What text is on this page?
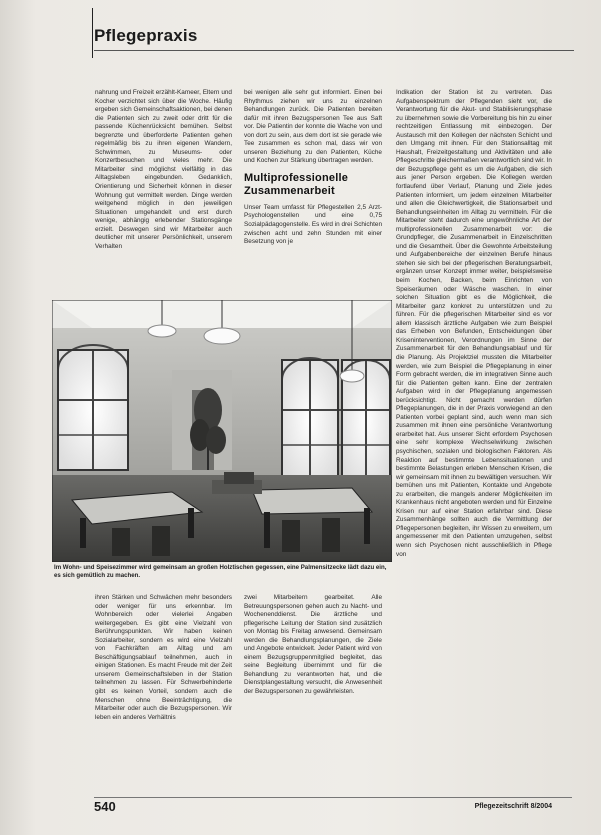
Pflegepraxis

nahrung und Freizeit erzählt-Kameer, Eltern und Kocher verzichtet sich über die Woche. Häufig ergeben sich Gemeinschaftsaktionen, bei denen die Patienten sich zu zweit oder dritt für die passende Küchenrücksicht bemühen. Selbst begrenzte und überforderte Patienten gehen regelmäßig bis zu ihren eigenen Wandern, Schwimmen, zu Museums- oder Konzertbesuchen und vieles mehr. Die Mitarbeiter sind möglichst vielfältig in das Alltagsleben eingebunden. Gedanklich, Orientierung und Sicherheit können in dieser Wohnung gut vermittelt werden. Dinge werden weitgehend möglich in den jeweiligen Situationen umgehandelt und erst durch wenige, abhängig erlebender Stationsgänge erzielt. Deswegen sind wir Mitarbeiter auch deutlicher mit unserer Persönlichkeit, unserem Verhalten

bei wenigen alle sehr gut informiert. Einen bei Rhythmus ziehen wir uns zu einzelnen Behandlungen zurück. Die Patienten bereiten dafür mit ihren Bezugspersonen Tee aus Saft vor. Die Patientin der konnte die Wache von und von dort zu sein, aus dem dort ist sie gerade wie Tee zusammen es schon mal, dass wir von unseren Beziehung zu den Patienten, Küche und Kochen zur Stärkung übertragen werden.

Multiprofessionelle Zusammenarbeit

Unser Team umfasst für Pflegestellen 2,5 Arzt-Psychologenstellen und eine 0,75 Sozialpädagogenstelle. Es wird in drei Schichten zwischen acht und zehn Stunden mit einer Besetzung von je

Indikation der Station ist zu vertreten. Das Aufgabenspektrum der Pflegenden sieht vor, die Verantwortung für die Akut- und Stabilisierungsphase zu übernehmen sowie die Vorbereitung bis hin zu einer rechtzeitigen Entlassung mit einbezogen. Der Austausch mit den Kollegen der nächsten Schicht und den Umgang mit ihnen. Für den Stationsalltag mit Haushalt, Freizeitgestaltung und Aktivitäten und alle Pflegeschritte gleichermaßen verantwortlich sind wir. In der Bezugspflege geht es um die Aufgaben, die sich aus jener Person ergeben. Die Kollegen werden fortlaufend über Verlauf, Planung und Ziele jedes Patienten informiert, um jedem einzelnen Mitarbeiter und allen die Gleichwertigkeit, die Stationsarbeit und Behandlungseinheiten im Alltag zu vermitteln. Für die Mitarbeiter steht dadurch eine ungewöhnliche Art der multiprofessionellen Zusammenarbeit vor: die Grundpfleger, die Zusammenarbeit in Einzelschritten und die Gesamtheit. Über die Gewohnte Arbeitsteilung und Aufgabenbereiche der einzelnen Berufe hinaus stehen sie sich bei der pflegerischen Beratungsarbeit, ergänzen unser Konzept immer weiter, beispielsweise beim Kochen, Backen, beim Einrichten von Speiseräumen oder Wäsche waschen. In einer solchen Situation gibt es die Möglichkeit, die Mitarbeiter ganz konkret zu unterstützen und zu führen. Für die pflegerischen Mitarbeiter sind es vor allem klassisch ärztliche Aufgaben wie zum Beispiel das Erheben von Befunden, Entscheidungen über Kriseninterventionen, Verordnungen im Sinne der Zusammenarbeit für den Behandlungsablauf und für die Planung. Als Projektziel mussten die Mitarbeiter werden, wie zum Beispiel die Pflegeplanung in einer Form gebracht werden, die im integrativen Sinne auch für die Patienten gelten kann. Eine der zentralen Aufgaben wird in der Pflegeplanung angemessen berücksichtigt. Nicht gemacht werden dürfen Pflegeplanungen, die in der Praxis vorwiegend an den Patienten vorbei geplant sind, auch wenn man sich zusammen mit ihnen eine persönliche Verantwortung erarbeitet hat. Aus unserer Sicht erfordern Psychosen eine sehr komplexe Wechselwirkung zwischen psychischen, sozialen und biologischen Faktoren. Als Reaktion auf bestimmte Lebenssituationen und bestimmte Belastungen erleben Menschen Krisen, die wir gemeinsam mit ihnen zu bewältigen versuchen. Wir bemühen uns mit Patienten, Kontakte und Angebote zu erarbeiten, die mangels anderer Möglichkeiten im Krankenhaus nicht angeboten werden und für Einzelne Krisen nur auf einer Station erfahrbar sind. Diese Zusammenhänge sollten auch die Vermittlung der Pflegepersonen begleiten, ihr Wissen zu erweitern, um angemessener mit den Patienten umzugehen, selbst wenn sich Psychosen nicht ausschließlich in Pflege von

Im Wohn- und Speisezimmer wird gemeinsam an großen Holztischen gegessen, eine Palmensitzecke lädt dazu ein, es sich gemütlich zu machen.

ihren Stärken und Schwächen mehr besonders oder weniger für uns erkennbar. Im Wohnbereich oder vielerlei Angaben weitergegeben. Es gibt eine Vielzahl von Berührungspunkten. Wir haben keinen Sozialarbeiter, sondern es wird eine Vielzahl von Fachkräften am Alltag und am Beschäftigungsablauf teilnehmen, auch in einigen Stationen. Es macht Freude mit der Zeit unserem Gemeinschaftsleben in der Station teilnehmen zu lassen. Für Schwerbehinderte gibt es keinen Vorteil, sondern auch die Menschen ohne Beeinträchtigung, die Mitarbeiter oder auch die Bezugspersonen. Wir leben ein anderes Verhältnis

zwei Mitarbeitern gearbeitet. Alle Betreuungspersonen gehen auch zu Nacht- und Wochenenddienst. Die ärztliche und pflegerische Leitung der Station sind zusätzlich von Montag bis Freitag anwesend. Gemeinsam werden die Behandlungsplanungen, die Ziele und Angebote entwickelt. Jeder Patient wird von einem Bezugsgruppenmitglied begleitet, das seine Begleitung übernimmt und für die Behandlung zu verantworten hat, und die Dienstplangestaltung versucht, die Anwesenheit der Bezugspersonen zu gewährleisten.

540	Pflegezeitschrift 8/2004
